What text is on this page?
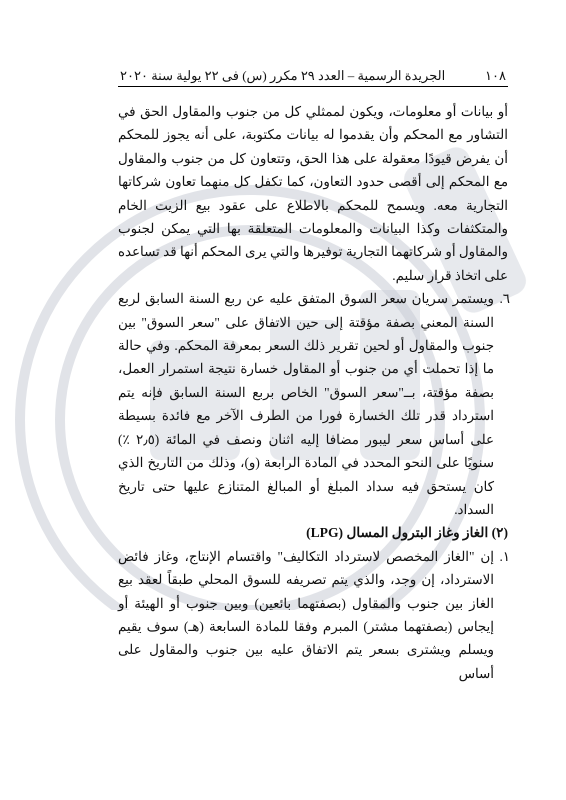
١٠٨
الجريدة الرسمية – العدد ٢٩ مكرر (س) فى ٢٢ يولية سنة ٢٠٢٠

أو بيانات أو معلومات، ويكون لممثلي كل من جنوب والمقاول الحق في التشاور مع المحكم وأن يقدموا له بيانات مكتوبة، على أنه يجوز للمحكم أن يفرض قيودًا معقولة على هذا الحق، وتتعاون كل من جنوب والمقاول مع المحكم إلى أقصى حدود التعاون، كما تكفل كل منهما تعاون شركاتها التجارية معه. ويسمح للمحكم بالاطلاع على عقود بيع الزيت الخام والمتكثفات وكذا البيانات والمعلومات المتعلقة بها التي يمكن لجنوب والمقاول أو شركاتهما التجارية توفيرها والتي يرى المحكم أنها قد تساعده على اتخاذ قرار سليم.

٦.
ويستمر سريان سعر السوق المتفق عليه عن ربع السنة السابق لربع السنة المعني بصفة مؤقتة إلى حين الاتفاق على "سعر السوق" بين جنوب والمقاول أو لحين تقرير ذلك السعر بمعرفة المحكم. وفي حالة ما إذا تحملت أي من جنوب أو المقاول خسارة نتيجة استمرار العمل، بصفة مؤقتة، بــ"سعر السوق" الخاص بربع السنة السابق فإنه يتم استرداد قدر تلك الخسارة فورا من الطرف الآخر مع فائدة بسيطة على أساس سعر ليبور مضافا إليه اثنان ونصف في المائة (٢٫٥ ٪) سنويًا على النحو المحدد في المادة الرابعة (و)، وذلك من التاريخ الذي كان يستحق فيه سداد المبلغ أو المبالغ المتنازع عليها حتى تاريخ السداد.

(٢) الغاز وغاز البترول المسال (LPG)

١.
إن "الغاز المخصص لاسترداد التكاليف" واقتسام الإنتاج، وغاز فائض الاسترداد، إن وجد، والذي يتم تصريفه للسوق المحلي طبقاً لعقد بيع الغاز بين جنوب والمقاول (بصفتهما بائعين) وبين جنوب أو الهيئة أو إيجاس (بصفتهما مشتر) المبرم وفقا للمادة السابعة (هـ) سوف يقيم ويسلم ويشترى بسعر يتم الاتفاق عليه بين جنوب والمقاول على أساس
